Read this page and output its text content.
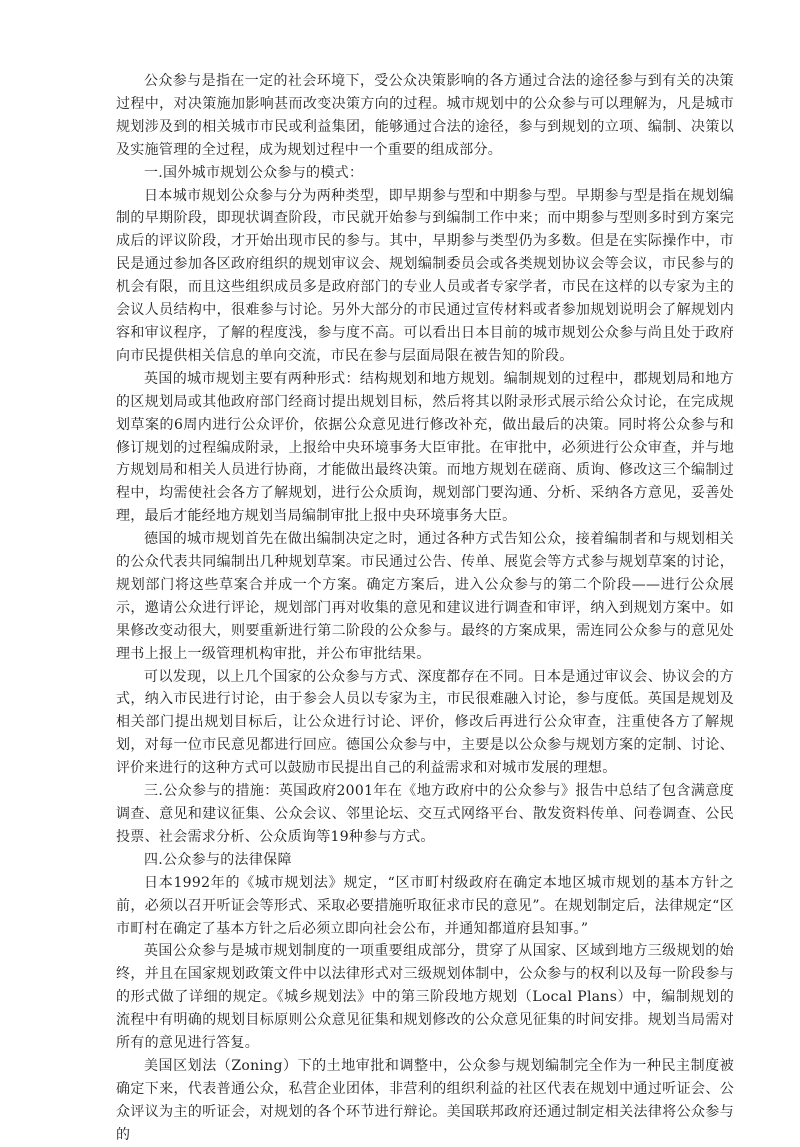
公众参与是指在一定的社会环境下，受公众决策影响的各方通过合法的途径参与到有关的决策过程中，对决策施加影响甚而改变决策方向的过程。城市规划中的公众参与可以理解为，凡是城市规划涉及到的相关城市市民或利益集团，能够通过合法的途径，参与到规划的立项、编制、决策以及实施管理的全过程，成为规划过程中一个重要的组成部分。

一.国外城市规划公众参与的模式：

日本城市规划公众参与分为两种类型，即早期参与型和中期参与型。早期参与型是指在规划编制的早期阶段，即现状调查阶段，市民就开始参与到编制工作中来；而中期参与型则多时到方案完成后的评议阶段，才开始出现市民的参与。其中，早期参与类型仍为多数。但是在实际操作中，市民是通过参加各区政府组织的规划审议会、规划编制委员会或各类规划协议会等会议，市民参与的机会有限，而且这些组织成员多是政府部门的专业人员或者专家学者，市民在这样的以专家为主的会议人员结构中，很难参与讨论。另外大部分的市民通过宣传材料或者参加规划说明会了解规划内容和审议程序，了解的程度浅，参与度不高。可以看出日本目前的城市规划公众参与尚且处于政府向市民提供相关信息的单向交流，市民在参与层面局限在被告知的阶段。

英国的城市规划主要有两种形式：结构规划和地方规划。编制规划的过程中，郡规划局和地方的区规划局或其他政府部门经商讨提出规划目标，然后将其以附录形式展示给公众讨论，在完成规划草案的6周内进行公众评价，依据公众意见进行修改补充，做出最后的决策。同时将公众参与和修订规划的过程编成附录，上报给中央环境事务大臣审批。在审批中，必须进行公众审查，并与地方规划局和相关人员进行协商，才能做出最终决策。而地方规划在磋商、质询、修改这三个编制过程中，均需使社会各方了解规划，进行公众质询，规划部门要沟通、分析、采纳各方意见，妥善处理，最后才能经地方规划当局编制审批上报中央环境事务大臣。

德国的城市规划首先在做出编制决定之时，通过各种方式告知公众，接着编制者和与规划相关的公众代表共同编制出几种规划草案。市民通过公告、传单、展览会等方式参与规划草案的讨论，规划部门将这些草案合并成一个方案。确定方案后，进入公众参与的第二个阶段——进行公众展示，邀请公众进行评论，规划部门再对收集的意见和建议进行调查和审评，纳入到规划方案中。如果修改变动很大，则要重新进行第二阶段的公众参与。最终的方案成果，需连同公众参与的意见处理书上报上一级管理机构审批，并公布审批结果。

可以发现，以上几个国家的公众参与方式、深度都存在不同。日本是通过审议会、协议会的方式，纳入市民进行讨论，由于参会人员以专家为主，市民很难融入讨论，参与度低。英国是规划及相关部门提出规划目标后，让公众进行讨论、评价，修改后再进行公众审查，注重使各方了解规划，对每一位市民意见都进行回应。德国公众参与中，主要是以公众参与规划方案的定制、讨论、评价来进行的这种方式可以鼓励市民提出自己的利益需求和对城市发展的理想。

三.公众参与的措施：英国政府2001年在《地方政府中的公众参与》报告中总结了包含满意度调查、意见和建议征集、公众会议、邻里论坛、交互式网络平台、散发资料传单、问卷调查、公民投票、社会需求分析、公众质询等19种参与方式。

四.公众参与的法律保障

日本1992年的《城市规划法》规定，“区市町村级政府在确定本地区城市规划的基本方针之前，必须以召开听证会等形式、采取必要措施听取征求市民的意见”。在规划制定后，法律规定“区市町村在确定了基本方针之后必须立即向社会公布，并通知都道府县知事。”

英国公众参与是城市规划制度的一项重要组成部分，贯穿了从国家、区域到地方三级规划的始终，并且在国家规划政策文件中以法律形式对三级规划体制中，公众参与的权利以及每一阶段参与的形式做了详细的规定。《城乡规划法》中的第三阶段地方规划（Local Plans）中，编制规划的流程中有明确的规划目标原则公众意见征集和规划修改的公众意见征集的时间安排。规划当局需对所有的意见进行答复。

美国区划法（Zoning）下的土地审批和调整中，公众参与规划编制完全作为一种民主制度被确定下来，代表普通公众，私营企业团体，非营利的组织利益的社区代表在规划中通过听证会、公众评议为主的听证会，对规划的各个环节进行辩论。美国联邦政府还通过制定相关法律将公众参与的
